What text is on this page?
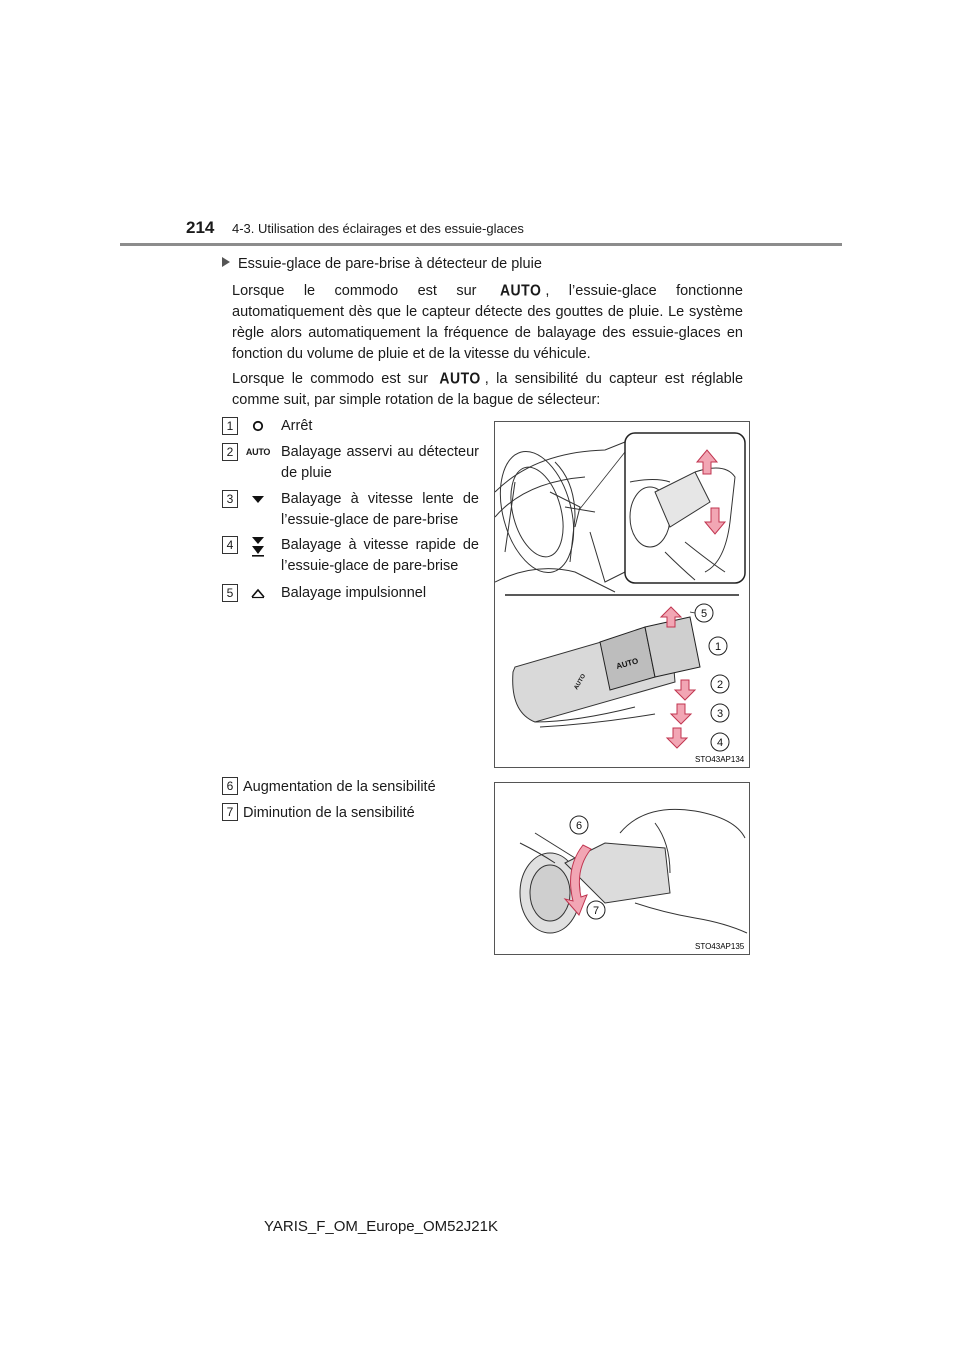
214 4-3. Utilisation des éclairages et des essuie-glaces
Essuie-glace de pare-brise à détecteur de pluie
Lorsque le commodo est sur AUTO , l’essuie-glace fonctionne automatiquement dès que le capteur détecte des gouttes de pluie. Le système règle alors automatiquement la fréquence de balayage des essuie-glaces en fonction du volume de pluie et de la vitesse du véhicule.
Lorsque le commodo est sur AUTO , la sensibilité du capteur est réglable comme suit, par simple rotation de la bague de sélecteur:
1	Arrêt
2	AUTO Balayage asservi au détecteur de pluie
3	Balayage à vitesse lente de l’essuie-glace de pare-brise
4	Balayage à vitesse rapide de l’essuie-glace de pare-brise
5	Balayage impulsionnel
6 Augmentation de la sensibilité
7 Diminution de la sensibilité
AUTO
AUTO
5
1
2
3
4
STO43AP134
6
7
STO43AP135
YARIS_F_OM_Europe_OM52J21K
